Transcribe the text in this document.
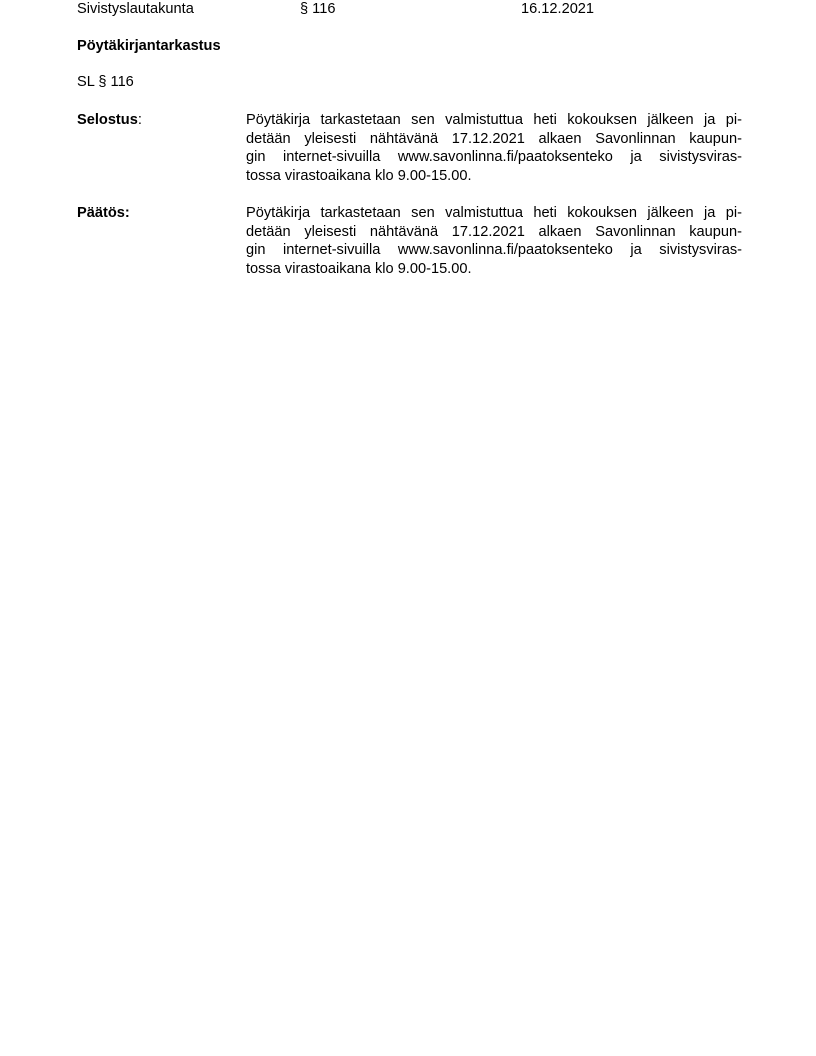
Sivistyslautakunta	§ 116	16.12.2021
Pöytäkirjantarkastus
SL § 116
Selostus:	Pöytäkirja tarkastetaan sen valmistuttua heti kokouksen jälkeen ja pi-
detään yleisesti nähtävänä 17.12.2021 alkaen Savonlinnan kaupun-
gin internet-sivuilla www.savonlinna.fi/paatoksenteko ja sivistysviras-
tossa virastoaikana klo 9.00-15.00.
Päätös:	Pöytäkirja tarkastetaan sen valmistuttua heti kokouksen jälkeen ja pi-
detään yleisesti nähtävänä 17.12.2021 alkaen Savonlinnan kaupun-
gin internet-sivuilla www.savonlinna.fi/paatoksenteko ja sivistysviras-
tossa virastoaikana klo 9.00-15.00.
